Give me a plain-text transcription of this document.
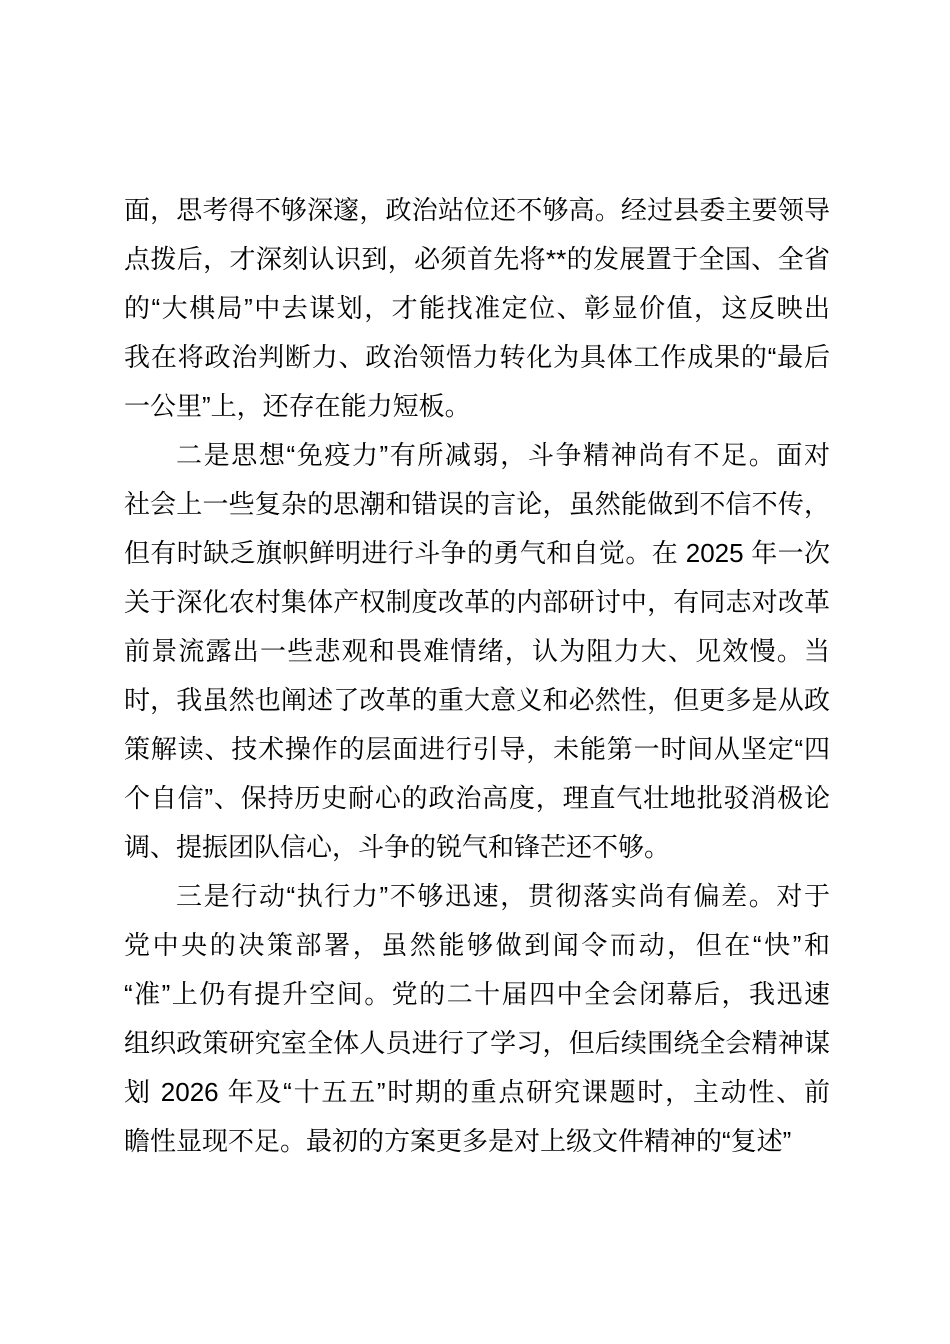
面，思考得不够深邃，政治站位还不够高。经过县委主要领导
点拨后，才深刻认识到，必须首先将**的发展置于全国、全省
的“大棋局”中去谋划，才能找准定位、彰显价值，这反映出
我在将政治判断力、政治领悟力转化为具体工作成果的“最后
一公里”上，还存在能力短板。
二是思想“免疫力”有所减弱，斗争精神尚有不足。面对
社会上一些复杂的思潮和错误的言论，虽然能做到不信不传，
但有时缺乏旗帜鲜明进行斗争的勇气和自觉。在 2025 年一次
关于深化农村集体产权制度改革的内部研讨中，有同志对改革
前景流露出一些悲观和畏难情绪，认为阻力大、见效慢。当
时，我虽然也阐述了改革的重大意义和必然性，但更多是从政
策解读、技术操作的层面进行引导，未能第一时间从坚定“四
个自信”、保持历史耐心的政治高度，理直气壮地批驳消极论
调、提振团队信心，斗争的锐气和锋芒还不够。
三是行动“执行力”不够迅速，贯彻落实尚有偏差。对于
党中央的决策部署，虽然能够做到闻令而动，但在“快”和
“准”上仍有提升空间。党的二十届四中全会闭幕后，我迅速
组织政策研究室全体人员进行了学习，但后续围绕全会精神谋
划 2026 年及“十五五”时期的重点研究课题时，主动性、前
瞻性显现不足。最初的方案更多是对上级文件精神的“复述”
